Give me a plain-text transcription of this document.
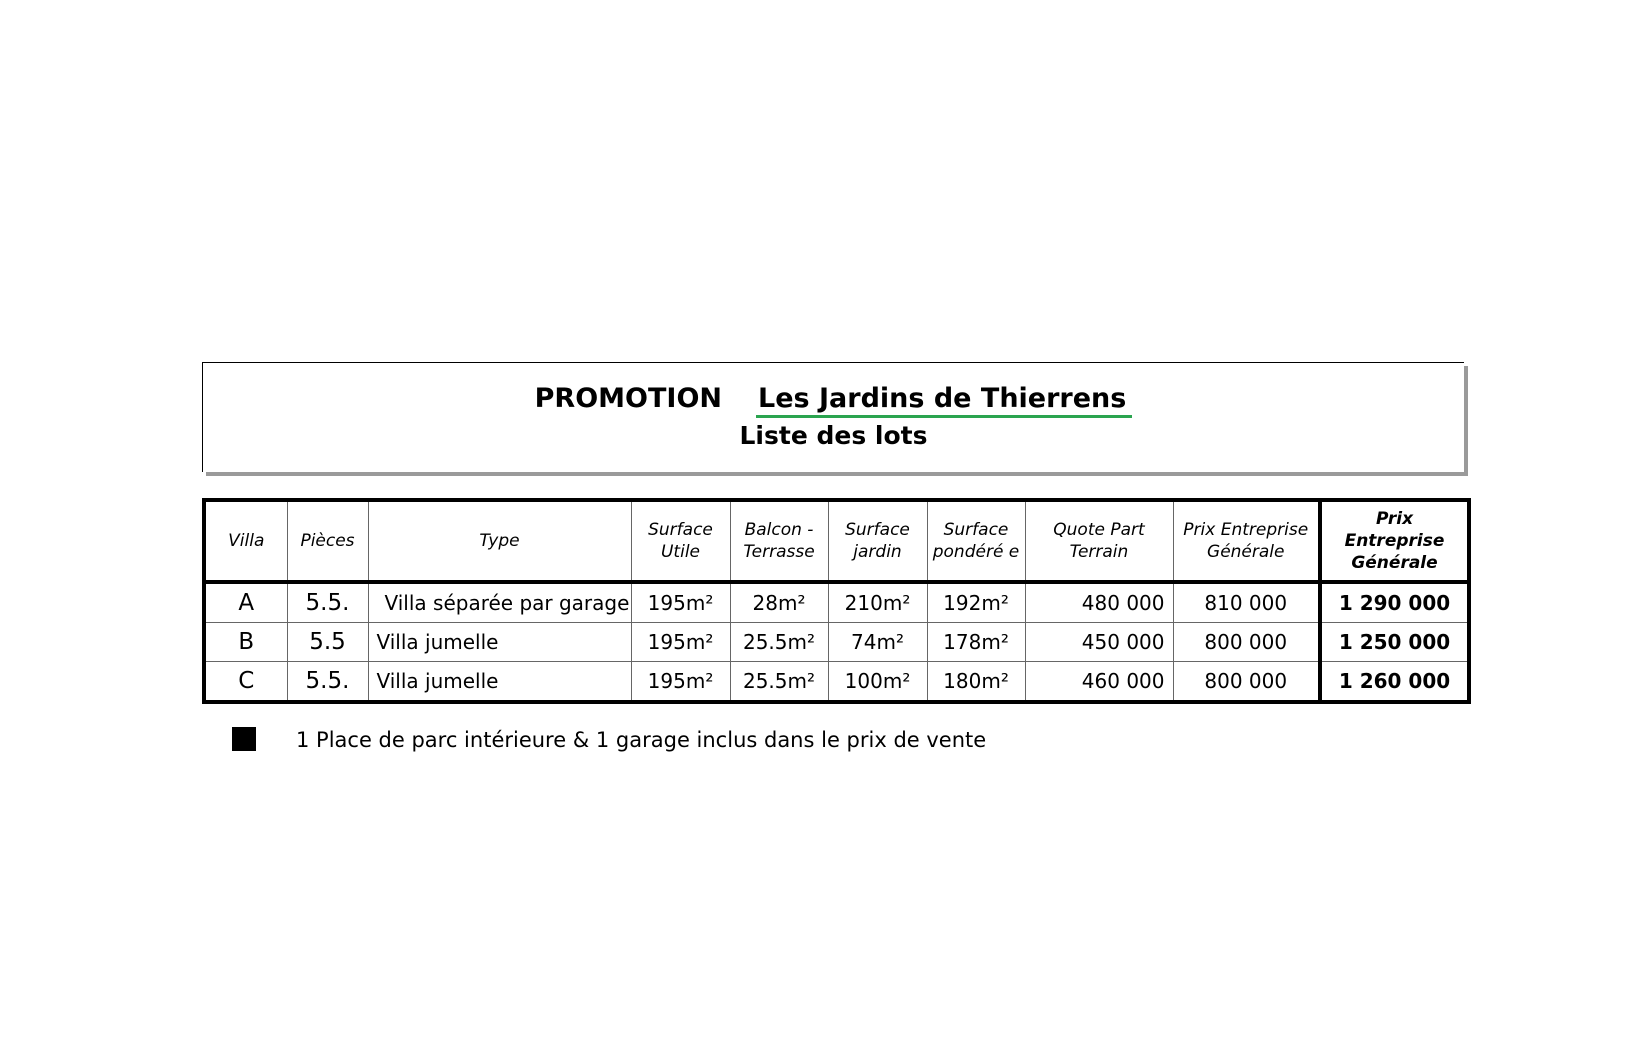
PROMOTION Les Jardins de Thierrens
Liste des lots
Villa	Pièces	Type	Surface Utile	Balcon - Terrasse	Surface jardin	Surface pondéré e	Quote Part Terrain	Prix Entreprise Générale	Prix Entreprise Générale
A	5.5.	Villa séparée par garage	195m²	28m²	210m²	192m²	480 000	810 000	1 290 000
B	5.5	Villa jumelle	195m²	25.5m²	74m²	178m²	450 000	800 000	1 250 000
C	5.5.	Villa jumelle	195m²	25.5m²	100m²	180m²	460 000	800 000	1 260 000
1 Place de parc intérieure & 1 garage inclus dans le prix de vente
